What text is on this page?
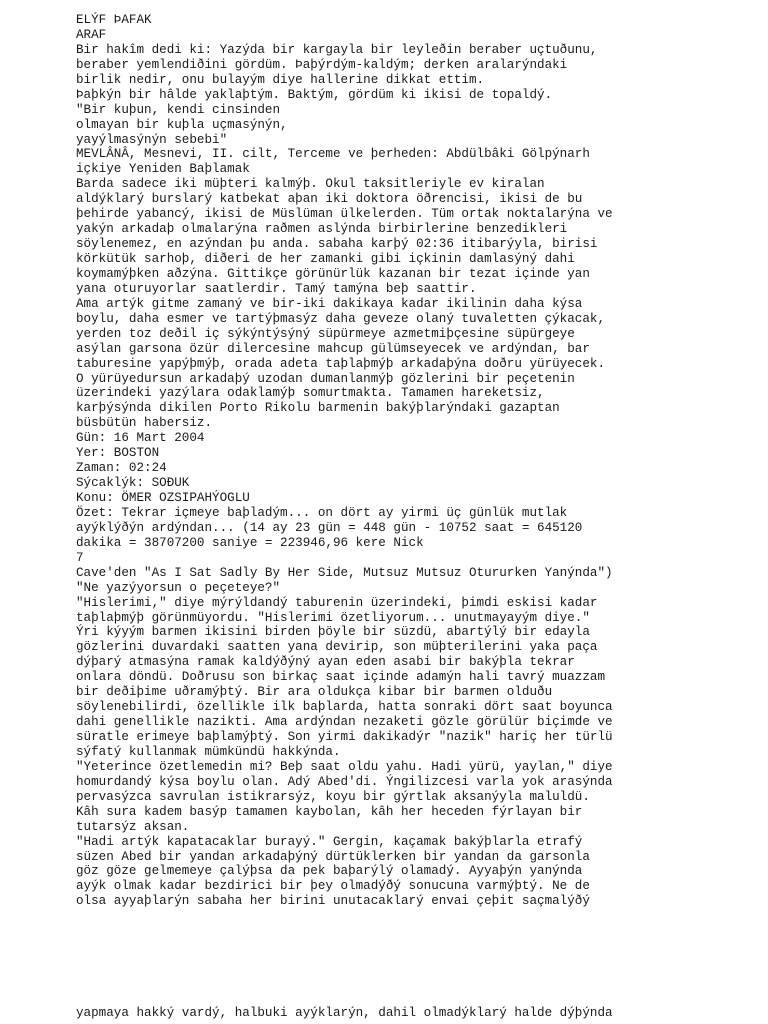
ELÝF ÞAFAK
ARAF
Bir hakîm dedi ki: Yazýda bir kargayla bir leyleðin beraber uçtuðunu,
beraber yemlendiðini gördüm. Þaþýrdým-kaldým; derken aralarýndaki
birlik nedir, onu bulayým diye hallerine dikkat ettim.
Þaþkýn bir hâlde yaklaþtým. Baktým, gördüm ki ikisi de topaldý.
"Bir kuþun, kendi cinsinden
olmayan bir kuþla uçmasýnýn,
yayýlmasýnýn sebebi"
MEVLÂNÂ, Mesnevi, II. cilt, Terceme ve þerheden: Abdülbâki Gölpýnarh
içkiye Yeniden Baþlamak
Barda sadece iki müþteri kalmýþ. Okul taksitleriyle ev kiralan
aldýklarý burslarý katbekat aþan iki doktora öðrencisi, ikisi de bu
þehirde yabancý, ikisi de Müslüman ülkelerden. Tüm ortak noktalarýna ve
yakýn arkadaþ olmalarýna raðmen aslýnda birbirlerine benzedikleri
söylenemez, en azýndan þu anda. sabaha karþý 02:36 itibarýyla, birisi
körkütük sarhoþ, diðeri de her zamanki gibi içkinin damlasýný dahi
koymamýþken aðzýna. Gittikçe görünürlük kazanan bir tezat içinde yan
yana oturuyorlar saatlerdir. Tamý tamýna beþ saattir.
Ama artýk gitme zamaný ve bir-iki dakikaya kadar ikilinin daha kýsa
boylu, daha esmer ve tartýþmasýz daha geveze olaný tuvaletten çýkacak,
yerden toz deðil iç sýkýntýsýný süpürmeye azmetmiþçesine süpürgeye
asýlan garsona özür dilercesine mahcup gülümseyecek ve ardýndan, bar
taburesine yapýþmýþ, orada adeta taþlaþmýþ arkadaþýna doðru yürüyecek.
O yürüyedursun arkadaþý uzodan dumanlanmýþ gözlerini bir peçetenin
üzerindeki yazýlara odaklamýþ somurtmakta. Tamamen hareketsiz,
karþýsýnda dikilen Porto Rikolu barmenin bakýþlarýndaki gazaptan
büsbütün habersiz.
Gün: 16 Mart 2004
Yer: BOSTON
Zaman: 02:24
Sýcaklýk: SOÐUK
Konu: ÖMER OZSIPAHÝOGLU
Özet: Tekrar içmeye baþladým... on dört ay yirmi üç günlük mutlak
ayýklýðýn ardýndan... (14 ay 23 gün = 448 gün - 10752 saat = 645120
dakika = 38707200 saniye = 223946,96 kere Nick
7
Cave'den "As I Sat Sadly By Her Side, Mutsuz Mutsuz Otururken Yanýnda")
"Ne yazýyorsun o peçeteye?"
"Hislerimi," diye mýrýldandý taburenin üzerindeki, þimdi eskisi kadar
taþlaþmýþ görünmüyordu. "Hislerimi özetliyorum... unutmayayým diye."
Ýri kýyým barmen ikisini birden þöyle bir süzdü, abartýlý bir edayla
gözlerini duvardaki saatten yana devirip, son müþterilerini yaka paça
dýþarý atmasýna ramak kaldýðýný ayan eden asabi bir bakýþla tekrar
onlara döndü. Doðrusu son birkaç saat içinde adamýn hali tavrý muazzam
bir deðiþime uðramýþtý. Bir ara oldukça kibar bir barmen olduðu
söylenebilirdi, özellikle ilk baþlarda, hatta sonraki dört saat boyunca
dahi genellikle nazikti. Ama ardýndan nezaketi gözle görülür biçimde ve
süratle erimeye baþlamýþtý. Son yirmi dakikadýr "nazik" hariç her türlü
sýfatý kullanmak mümkündü hakkýnda.
"Yeterince özetlemedin mi? Beþ saat oldu yahu. Hadi yürü, yaylan," diye
homurdandý kýsa boylu olan. Adý Abed'di. Ýngilizcesi varla yok arasýnda
pervasýzca savrulan istikrarsýz, koyu bir gýrtlak aksanýyla maluldü.
Kâh sura kadem basýp tamamen kaybolan, kâh her heceden fýrlayan bir
tutarsýz aksan.
"Hadi artýk kapatacaklar burayý." Gergin, kaçamak bakýþlarla etrafý
süzen Abed bir yandan arkadaþýný dürtüklerken bir yandan da garsonla
göz göze gelmemeye çalýþsa da pek baþarýlý olamadý. Ayyaþýn yanýnda
ayýk olmak kadar bezdirici bir þey olmadýðý sonucuna varmýþtý. Ne de
olsa ayyaþlarýn sabaha her birini unutacaklarý envai çeþit saçmalýðý
yapmaya hakký vardý, halbuki ayýklarýn, dahil olmadýklarý halde dýþýnda
